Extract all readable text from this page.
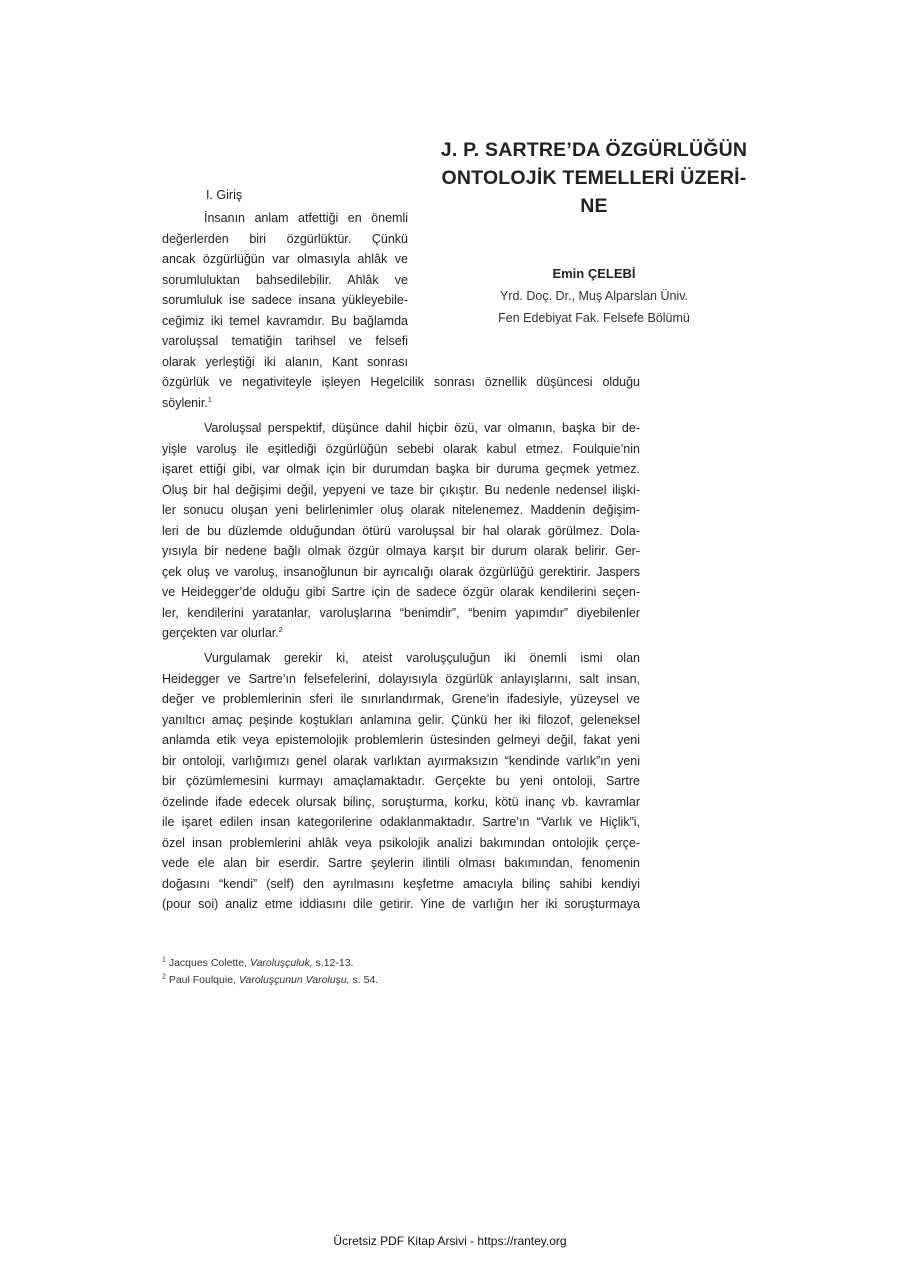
J. P. SARTRE’DA ÖZGÜRLÜĞÜN
ONTOLOJİK TEMELLERİ ÜZERİ-
NE
Emin ÇELEBİ
Yrd. Doç. Dr., Muş Alparslan Üniv.
Fen Edebiyat Fak. Felsefe Bölümü
I. Giriş
İnsanın anlam atfettiği en önemli
değerlerden biri özgürlüktür. Çünkü
ancak özgürlüğün var olmasıyla ahlâk ve
sorumluluktan bahsedilebilir. Ahlâk ve
sorumluluk ise sadece insana yükleyebile-
ceğimiz iki temel kavramdır. Bu bağlamda
varoluşsal tematiğin tarihsel ve felsefi
olarak yerleştiği iki alanın, Kant sonrası
özgürlük ve negativiteyle işleyen Hegelcilik sonrası öznellik düşüncesi olduğu
söylenir.$^1$
Varoluşsal perspektif, düşünce dahil hiçbir özü, var olmanın, başka bir de-
yişle varoluş ile eşitlediği özgürlüğün sebebi olarak kabul etmez. Foulquie’nin
işaret ettiği gibi, var olmak için bir durumdan başka bir duruma geçmek yetmez.
Oluş bir hal değişimi değil, yepyeni ve taze bir çıkıştır. Bu nedenle nedensel ilişki-
ler sonucu oluşan yeni belirlenimler oluş olarak nitelenemez. Maddenin değişim-
leri de bu düzlemde olduğundan ötürü varoluşsal bir hal olarak görülmez. Dola-
yısıyla bir nedene bağlı olmak özgür olmaya karşıt bir durum olarak belirir. Ger-
çek oluş ve varoluş, insanoğlunun bir ayrıcalığı olarak özgürlüğü gerektirir. Jaspers
ve Heidegger’de olduğu gibi Sartre için de sadece özgür olarak kendilerini seçen-
ler, kendilerini yaratanlar, varoluşlarına “benimdir”, “benim yapımdır” diyebilenler
gerçekten var olurlar.$^2$
Vurgulamak gerekir ki, ateist varoluşçuluğun iki önemli ismi olan
Heidegger ve Sartre’ın felsefelerini, dolayısıyla özgürlük anlayışlarını, salt insan,
değer ve problemlerinin sferi ile sınırlandırmak, Grene’in ifadesiyle, yüzeysel ve
yanıltıcı amaç peşinde koştukları anlamına gelir. Çünkü her iki filozof, geleneksel
anlamda etik veya epistemolojik problemlerin üstesinden gelmeyi değil, fakat yeni
bir ontoloji, varlığımızı genel olarak varlıktan ayırmaksızın “kendinde varlık”ın yeni
bir çözümlemesini kurmayı amaçlamaktadır. Gerçekte bu yeni ontoloji, Sartre
özelinde ifade edecek olursak bilinç, soruşturma, korku, kötü inanç vb. kavramlar
ile işaret edilen insan kategorilerine odaklanmaktadır. Sartre’ın “Varlık ve Hiçlik”i,
özel insan problemlerini ahlâk veya psikolojik analizi bakımından ontolojik çerçe-
vede ele alan bir eserdir. Sartre şeylerin ilintili olması bakımından, fenomenin
doğasını “kendi” (self) den ayrılmasını keşfetme amacıyla bilinç sahibi kendiyi
(pour soi) analiz etme iddiasını dile getirir. Yine de varlığın her iki soruşturmaya
$^1$ Jacques Colette, Varoluşçuluk, s.12-13.
$^2$ Paul Foulquie, Varoluşçunun Varoluşu, s. 54.
Ücretsiz PDF Kitap Arsivi - https://rantey.org
